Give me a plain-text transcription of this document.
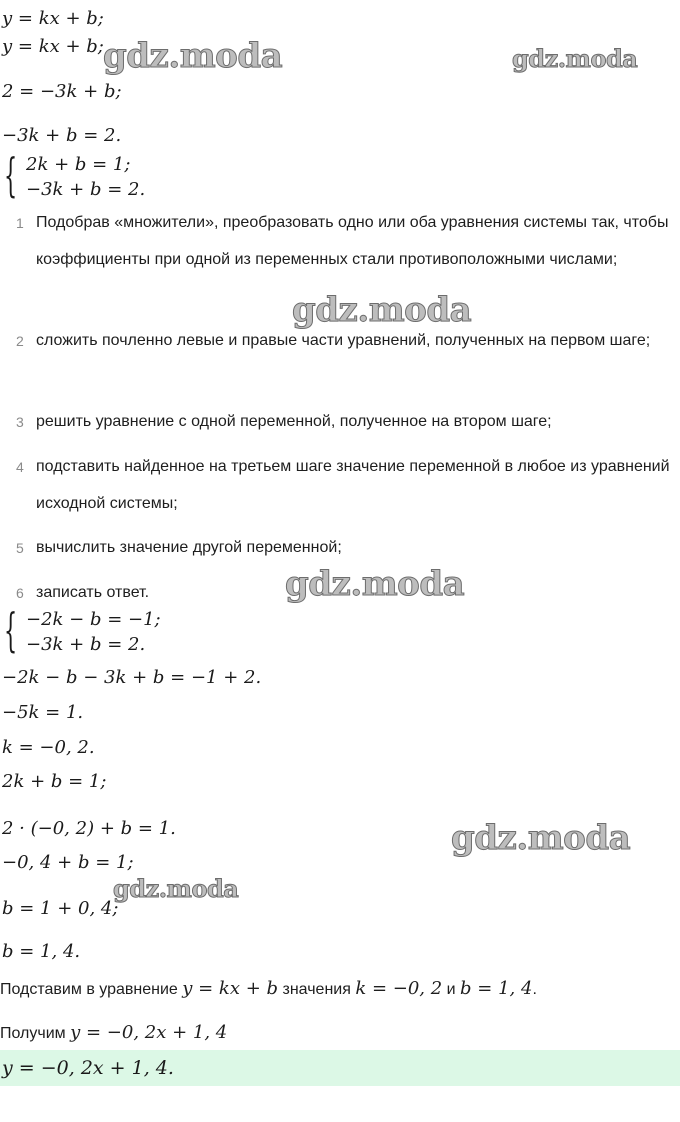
y = kx + b;
y = kx + b;
2 = −3k + b;
−3k + b = 2.
{ 2k + b = 1;
−3k + b = 2.
1 Подобрав «множители», преобразовать одно или оба уравнения системы так, чтобы коэффициенты при одной из переменных стали противоположными числами;
2 сложить почленно левые и правые части уравнений, полученных на первом шаге;
3 решить уравнение с одной переменной, полученное на втором шаге;
4 подставить найденное на третьем шаге значение переменной в любое из уравнений исходной системы;
5 вычислить значение другой переменной;
6 записать ответ.
{ −2k − b = −1;
−3k + b = 2.
−2k − b − 3k + b = −1 + 2.
−5k = 1.
k = −0, 2.
2k + b = 1;
2 · (−0, 2) + b = 1.
−0, 4 + b = 1;
b = 1 + 0, 4;
b = 1, 4.
Подставим в уравнение y = kx + b значения k = −0, 2 и b = 1, 4.
Получим y = −0, 2x + 1, 4
y = −0, 2x + 1, 4.
gdz.moda	gdz.moda
gdz.moda
gdz.moda
gdz.moda
gdz.moda
